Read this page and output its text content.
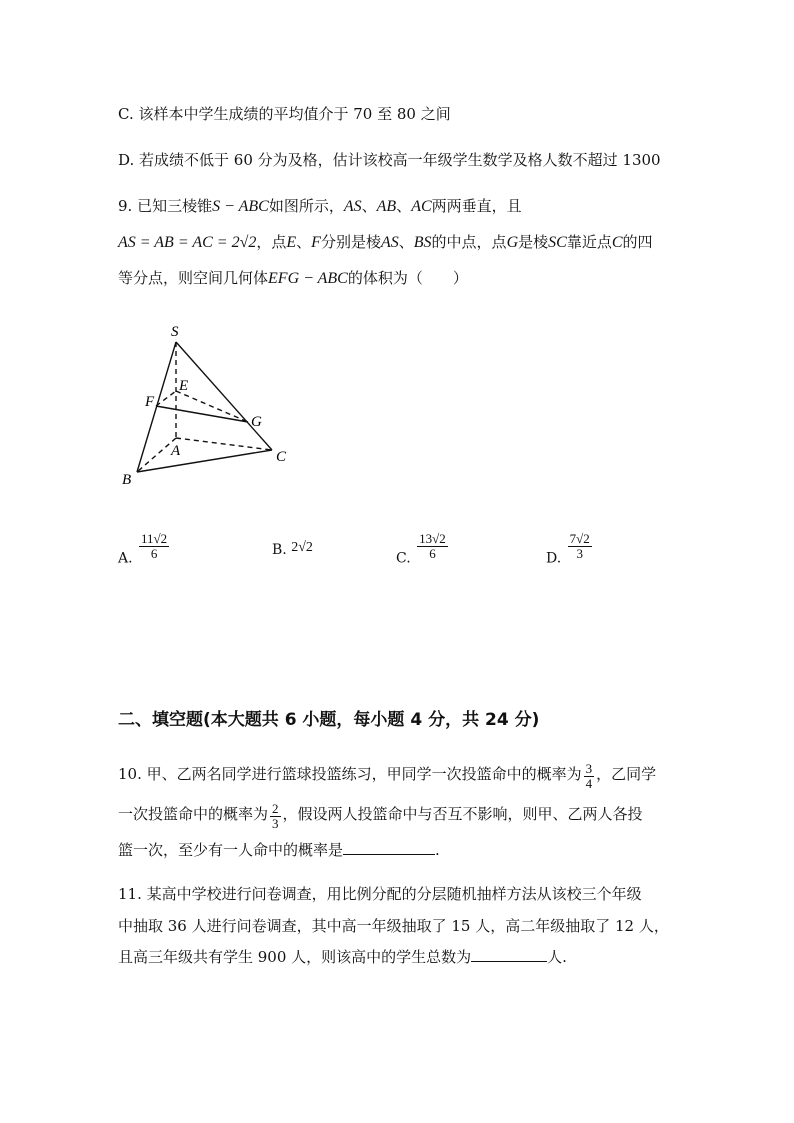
C. 该样本中学生成绩的平均值介于 70 至 80 之间
D. 若成绩不低于 60 分为及格，估计该校高一年级学生数学及格人数不超过 1300
9. 已知三棱锥S − ABC如图所示，AS、AB、AC两两垂直，且
AS = AB = AC = 2√2，点E、F分别是棱AS、BS的中点，点G是棱SC靠近点C的四
等分点，则空间几何体EFG − ABC的体积为（　　）
S
E
F
G
A
B
C
A. $\frac{11√2}{6}$	B. 2√2
C. $\frac{13√2}{6}$	D. $\frac{7√2}{3}$
二、填空题(本大题共 6 小题，每小题 4 分，共 24 分)
10. 甲、乙两名同学进行篮球投篮练习，甲同学一次投篮命中的概率为 $\frac{3}{4}$ ，乙同学
一次投篮命中的概率为 $\frac{2}{3}$ ，假设两人投篮命中与否互不影响，则甲、乙两人各投
篮一次，至少有一人命中的概率是	.
11. 某高中学校进行问卷调查，用比例分配的分层随机抽样方法从该校三个年级
中抽取 36 人进行问卷调查，其中高一年级抽取了 15 人，高二年级抽取了 12 人，
且高三年级共有学生 900 人，则该高中的学生总数为	人.
